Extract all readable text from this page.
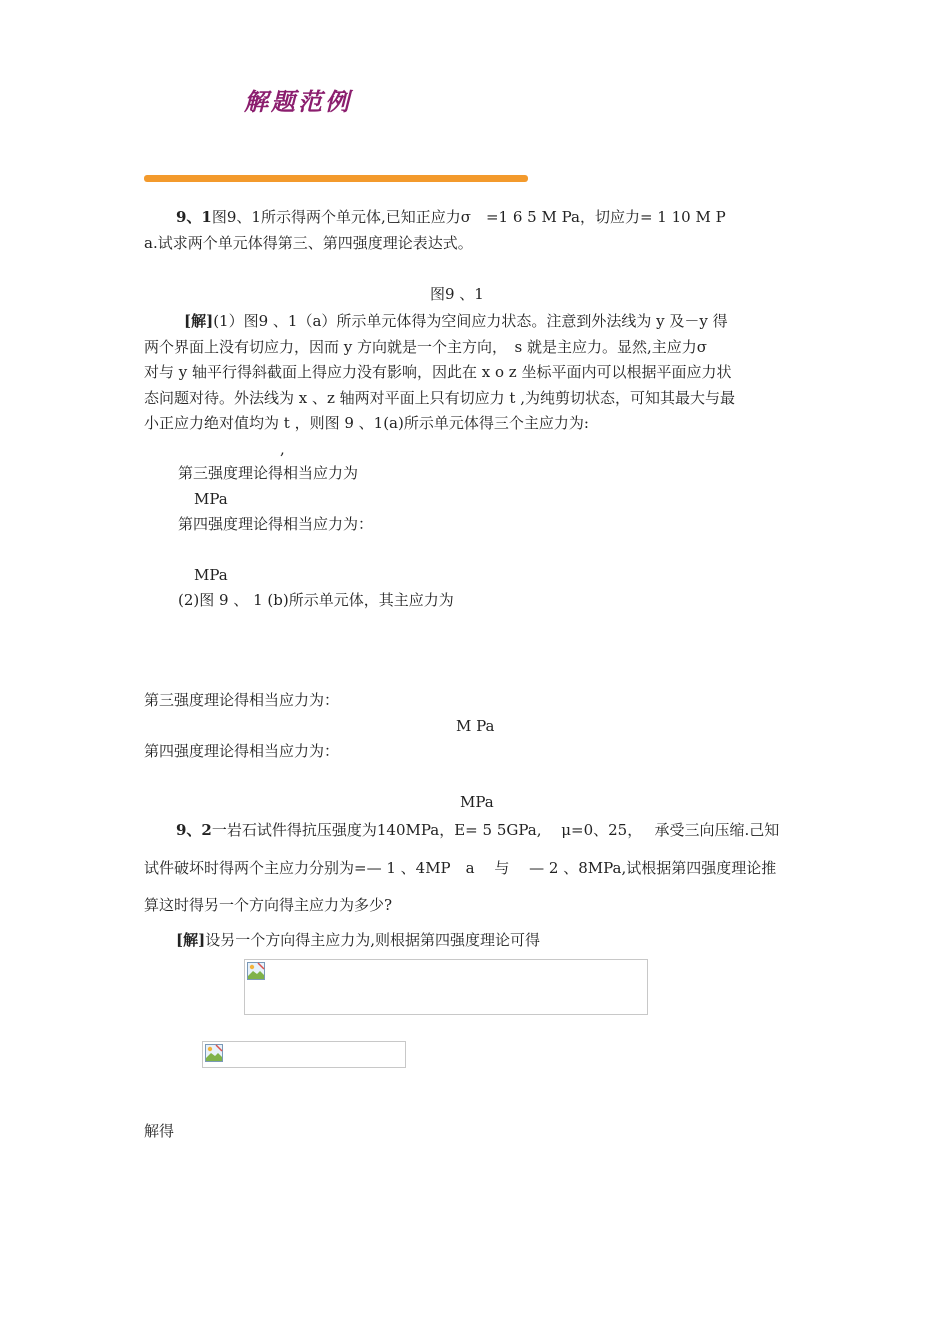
解题范例
9、1图9、1所示得两个单元体,已知正应力σ　=1 6 5 M Pa，切应力= 1 10 M P
a.试求两个单元体得第三、第四强度理论表达式。
图9 、1
[解](1）图9 、1（a）所示单元体得为空间应力状态。注意到外法线为 y 及－y 得
两个界面上没有切应力，因而 y 方向就是一个主方向，　s 就是主应力。显然,主应力σ
对与 y 轴平行得斜截面上得应力没有影响，因此在 x o z 坐标平面内可以根据平面应力状
态问题对待。外法线为 x 、z 轴两对平面上只有切应力 t ,为纯剪切状态，可知其最大与最
小正应力绝对值均为 t ，则图 9 、1(a)所示单元体得三个主应力为:
,
第三强度理论得相当应力为
MPa
第四强度理论得相当应力为：
MPa
(2)图 9 、 1 (b)所示单元体，其主应力为
第三强度理论得相当应力为：
M Pa
第四强度理论得相当应力为：
MPa
9、2一岩石试件得抗压强度为140MPa，E= 5 5GPa, 　μ=0、25，　 承受三向压缩.己知
试件破坏时得两个主应力分别为=— 1 、4MP　a　 与 　— 2 、8MPa,试根据第四强度理论推
算这时得另一个方向得主应力为多少?
[解]设另一个方向得主应力为,则根据第四强度理论可得
解得
